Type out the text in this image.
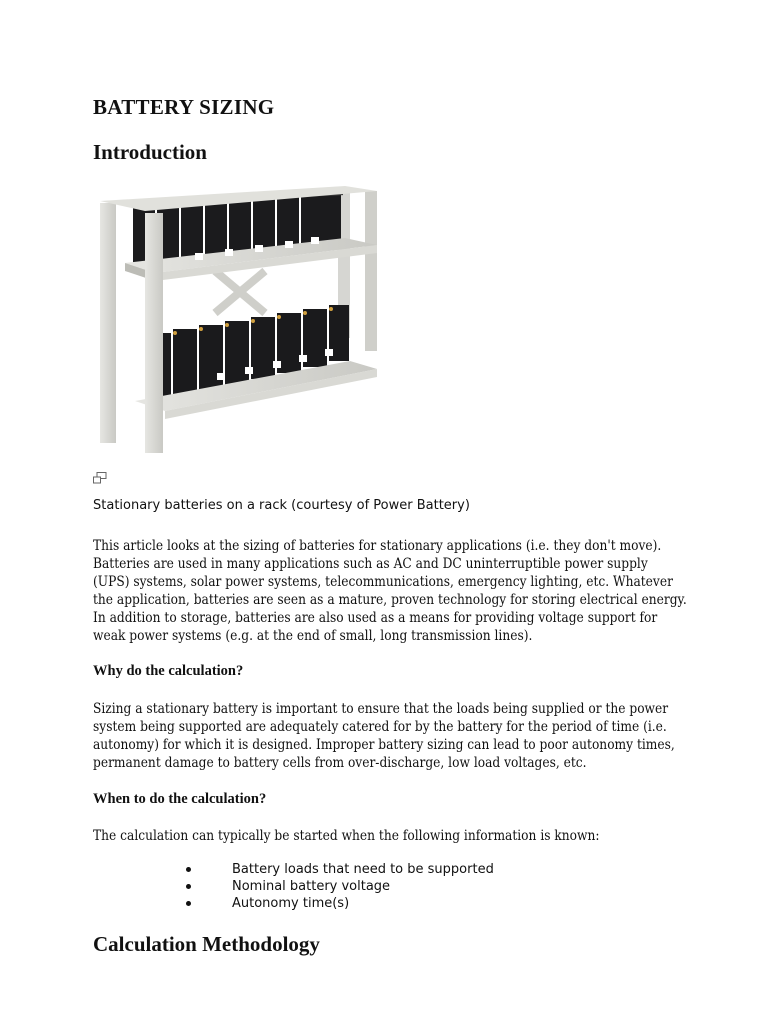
BATTERY SIZING
Introduction

Stationary batteries on a rack (courtesy of Power Battery)

This article looks at the sizing of batteries for stationary applications (i.e. they don't move). Batteries are used in many applications such as AC and DC uninterruptible power supply (UPS) systems, solar power systems, telecommunications, emergency lighting, etc. Whatever the application, batteries are seen as a mature, proven technology for storing electrical energy. In addition to storage, batteries are also used as a means for providing voltage support for weak power systems (e.g. at the end of small, long transmission lines).

Why do the calculation?

Sizing a stationary battery is important to ensure that the loads being supplied or the power system being supported are adequately catered for by the battery for the period of time (i.e. autonomy) for which it is designed. Improper battery sizing can lead to poor autonomy times, permanent damage to battery cells from over-discharge, low load voltages, etc.

When to do the calculation?

The calculation can typically be started when the following information is known:

Battery loads that need to be supported
Nominal battery voltage
Autonomy time(s)
Calculation Methodology
